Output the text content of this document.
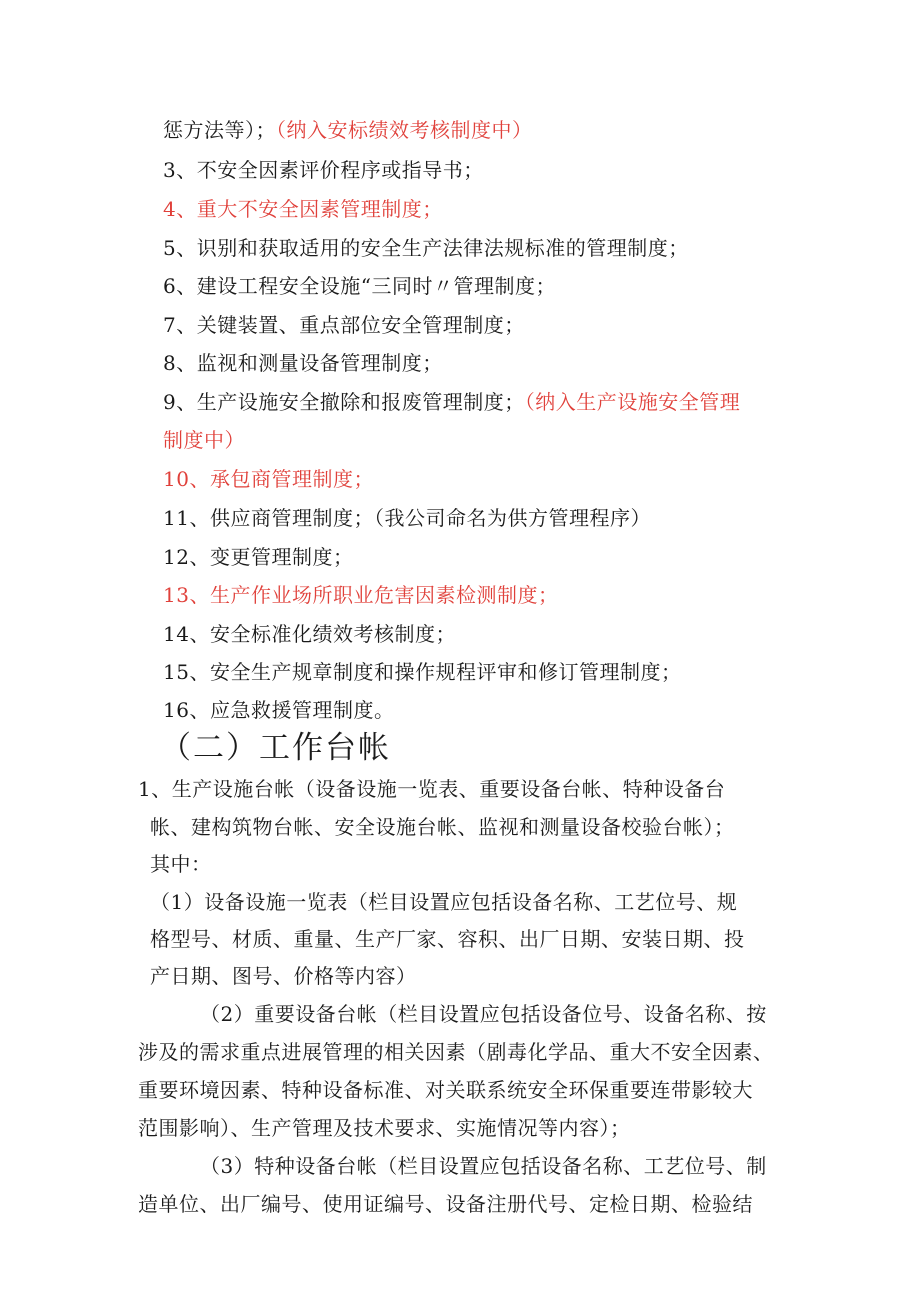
惩方法等）；（纳入安标绩效考核制度中）
3、不安全因素评价程序或指导书；
4、重大不安全因素管理制度；
5、识别和获取适用的安全生产法律法规标准的管理制度；
6、建设工程安全设施“三同时〃管理制度；
7、关键装置、重点部位安全管理制度；
8、监视和测量设备管理制度；
9、生产设施安全撤除和报废管理制度；（纳入生产设施安全管理
制度中）
10、承包商管理制度；
11、供应商管理制度；（我公司命名为供方管理程序）
12、变更管理制度；
13、生产作业场所职业危害因素检测制度；
14、安全标准化绩效考核制度；
15、安全生产规章制度和操作规程评审和修订管理制度；
16、应急救援管理制度。
（二）工作台帐
1、生产设施台帐（设备设施一览表、重要设备台帐、特种设备台
帐、建构筑物台帐、安全设施台帐、监视和测量设备校验台帐）；
其中：
（1）设备设施一览表（栏目设置应包括设备名称、工艺位号、规
格型号、材质、重量、生产厂家、容积、出厂日期、安装日期、投
产日期、图号、价格等内容）
（2）重要设备台帐（栏目设置应包括设备位号、设备名称、按
涉及的需求重点进展管理的相关因素（剧毒化学品、重大不安全因素、
重要环境因素、特种设备标准、对关联系统安全环保重要连带影较大
范围影响）、生产管理及技术要求、实施情况等内容）；
（3）特种设备台帐（栏目设置应包括设备名称、工艺位号、制
造单位、出厂编号、使用证编号、设备注册代号、定检日期、检验结
